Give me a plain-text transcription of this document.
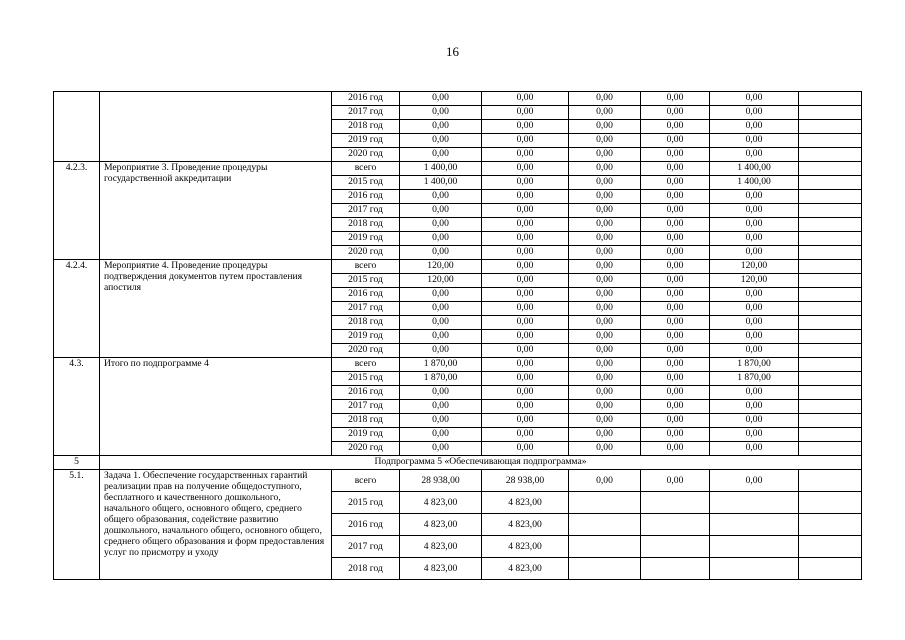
16
		2016 год	0,00	0,00	0,00	0,00	0,00	
		2017 год	0,00	0,00	0,00	0,00	0,00	
		2018 год	0,00	0,00	0,00	0,00	0,00	
		2019 год	0,00	0,00	0,00	0,00	0,00	
		2020 год	0,00	0,00	0,00	0,00	0,00	
4.2.3.	Мероприятие 3. Проведение процедуры государственной аккредитации	всего	1 400,00	0,00	0,00	0,00	1 400,00	
		2015 год	1 400,00	0,00	0,00	0,00	1 400,00	
		2016 год	0,00	0,00	0,00	0,00	0,00	
		2017 год	0,00	0,00	0,00	0,00	0,00	
		2018 год	0,00	0,00	0,00	0,00	0,00	
		2019 год	0,00	0,00	0,00	0,00	0,00	
		2020 год	0,00	0,00	0,00	0,00	0,00	
4.2.4.	Мероприятие 4. Проведение процедуры подтверждения документов путем проставления апостиля	всего	120,00	0,00	0,00	0,00	120,00	
		2015 год	120,00	0,00	0,00	0,00	120,00	
		2016 год	0,00	0,00	0,00	0,00	0,00	
		2017 год	0,00	0,00	0,00	0,00	0,00	
		2018 год	0,00	0,00	0,00	0,00	0,00	
		2019 год	0,00	0,00	0,00	0,00	0,00	
		2020 год	0,00	0,00	0,00	0,00	0,00	
4.3.	Итого по подпрограмме 4	всего	1 870,00	0,00	0,00	0,00	1 870,00	
		2015 год	1 870,00	0,00	0,00	0,00	1 870,00	
		2016 год	0,00	0,00	0,00	0,00	0,00	
		2017 год	0,00	0,00	0,00	0,00	0,00	
		2018 год	0,00	0,00	0,00	0,00	0,00	
		2019 год	0,00	0,00	0,00	0,00	0,00	
		2020 год	0,00	0,00	0,00	0,00	0,00	
5	Подпрограмма 5 «Обеспечивающая подпрограмма»							
5.1.	Задача 1. Обеспечение государственных гарантий реализации прав на получение общедоступного, бесплатного и качественного дошкольного, начального общего, основного общего, среднего общего образования, содействие развитию дошкольного, начального общего, основного общего, среднего общего образования и форм предоставления услуг по присмотру и уходу	всего	28 938,00	28 938,00	0,00	0,00	0,00	
		2015 год	4 823,00	4 823,00				
		2016 год	4 823,00	4 823,00				
		2017 год	4 823,00	4 823,00				
		2018 год	4 823,00	4 823,00				
